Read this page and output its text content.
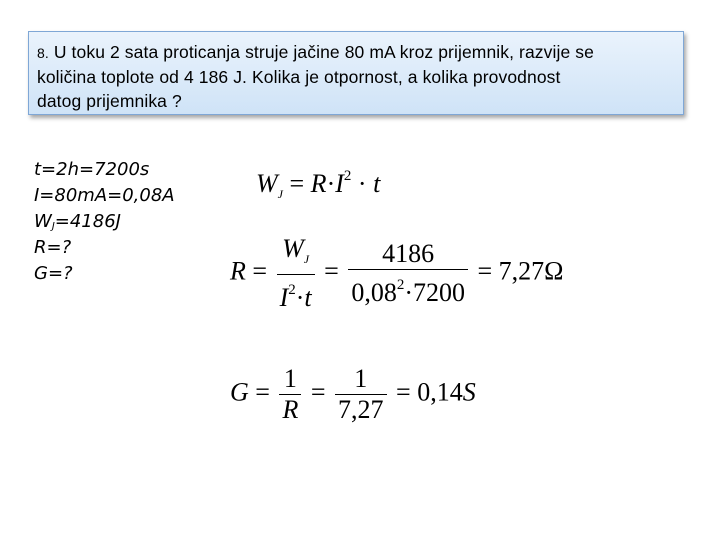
8. U toku 2 sata proticanja struje jačine 80 mA kroz prijemnik, razvije se
količina toplote od 4 186 J. Kolika je otpornost, a kolika provodnost
datog prijemnika ?
t=2h=7200s
I=80mA=0,08A
$W_J=4186J$
R=?
G=?
$W_J = R\cdot I^2 \cdot t$
$R = \frac{W_J}{I^2\cdot t} = \frac{4186}{0,08^2\cdot 7200} = 7,27\Omega$
$G = \frac{1}{R} = \frac{1}{7,27} = 0,14S$
